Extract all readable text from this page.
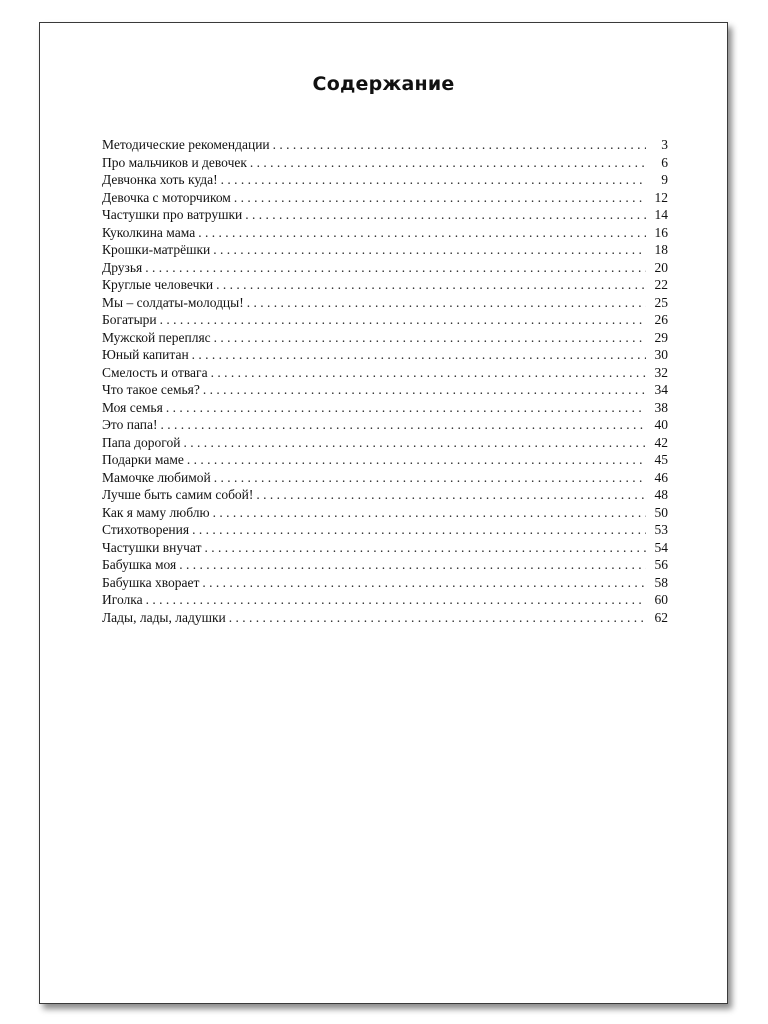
Содержание
Методические рекомендации . . .	3
Про мальчиков и девочек . . .	6
Девчонка хоть куда! . . .	9
Девочка с моторчиком . . .	12
Частушки про ватрушки . . .	14
Куколкина мама . . .	16
Крошки-матрёшки . . .	18
Друзья . . .	20
Круглые человечки . . .	22
Мы – солдаты-молодцы! . . .	25
Богатыри . . .	26
Мужской перепляс . . .	29
Юный капитан . . .	30
Смелость и отвага . . .	32
Что такое семья? . . .	34
Моя семья . . .	38
Это папа! . . .	40
Папа дорогой . . .	42
Подарки маме . . .	45
Мамочке любимой . . .	46
Лучше быть самим собой! . . .	48
Как я маму люблю . . .	50
Стихотворения . . .	53
Частушки внучат . . .	54
Бабушка моя . . .	56
Бабушка хворает . . .	58
Иголка . . .	60
Лады, лады, ладушки . . .	62
